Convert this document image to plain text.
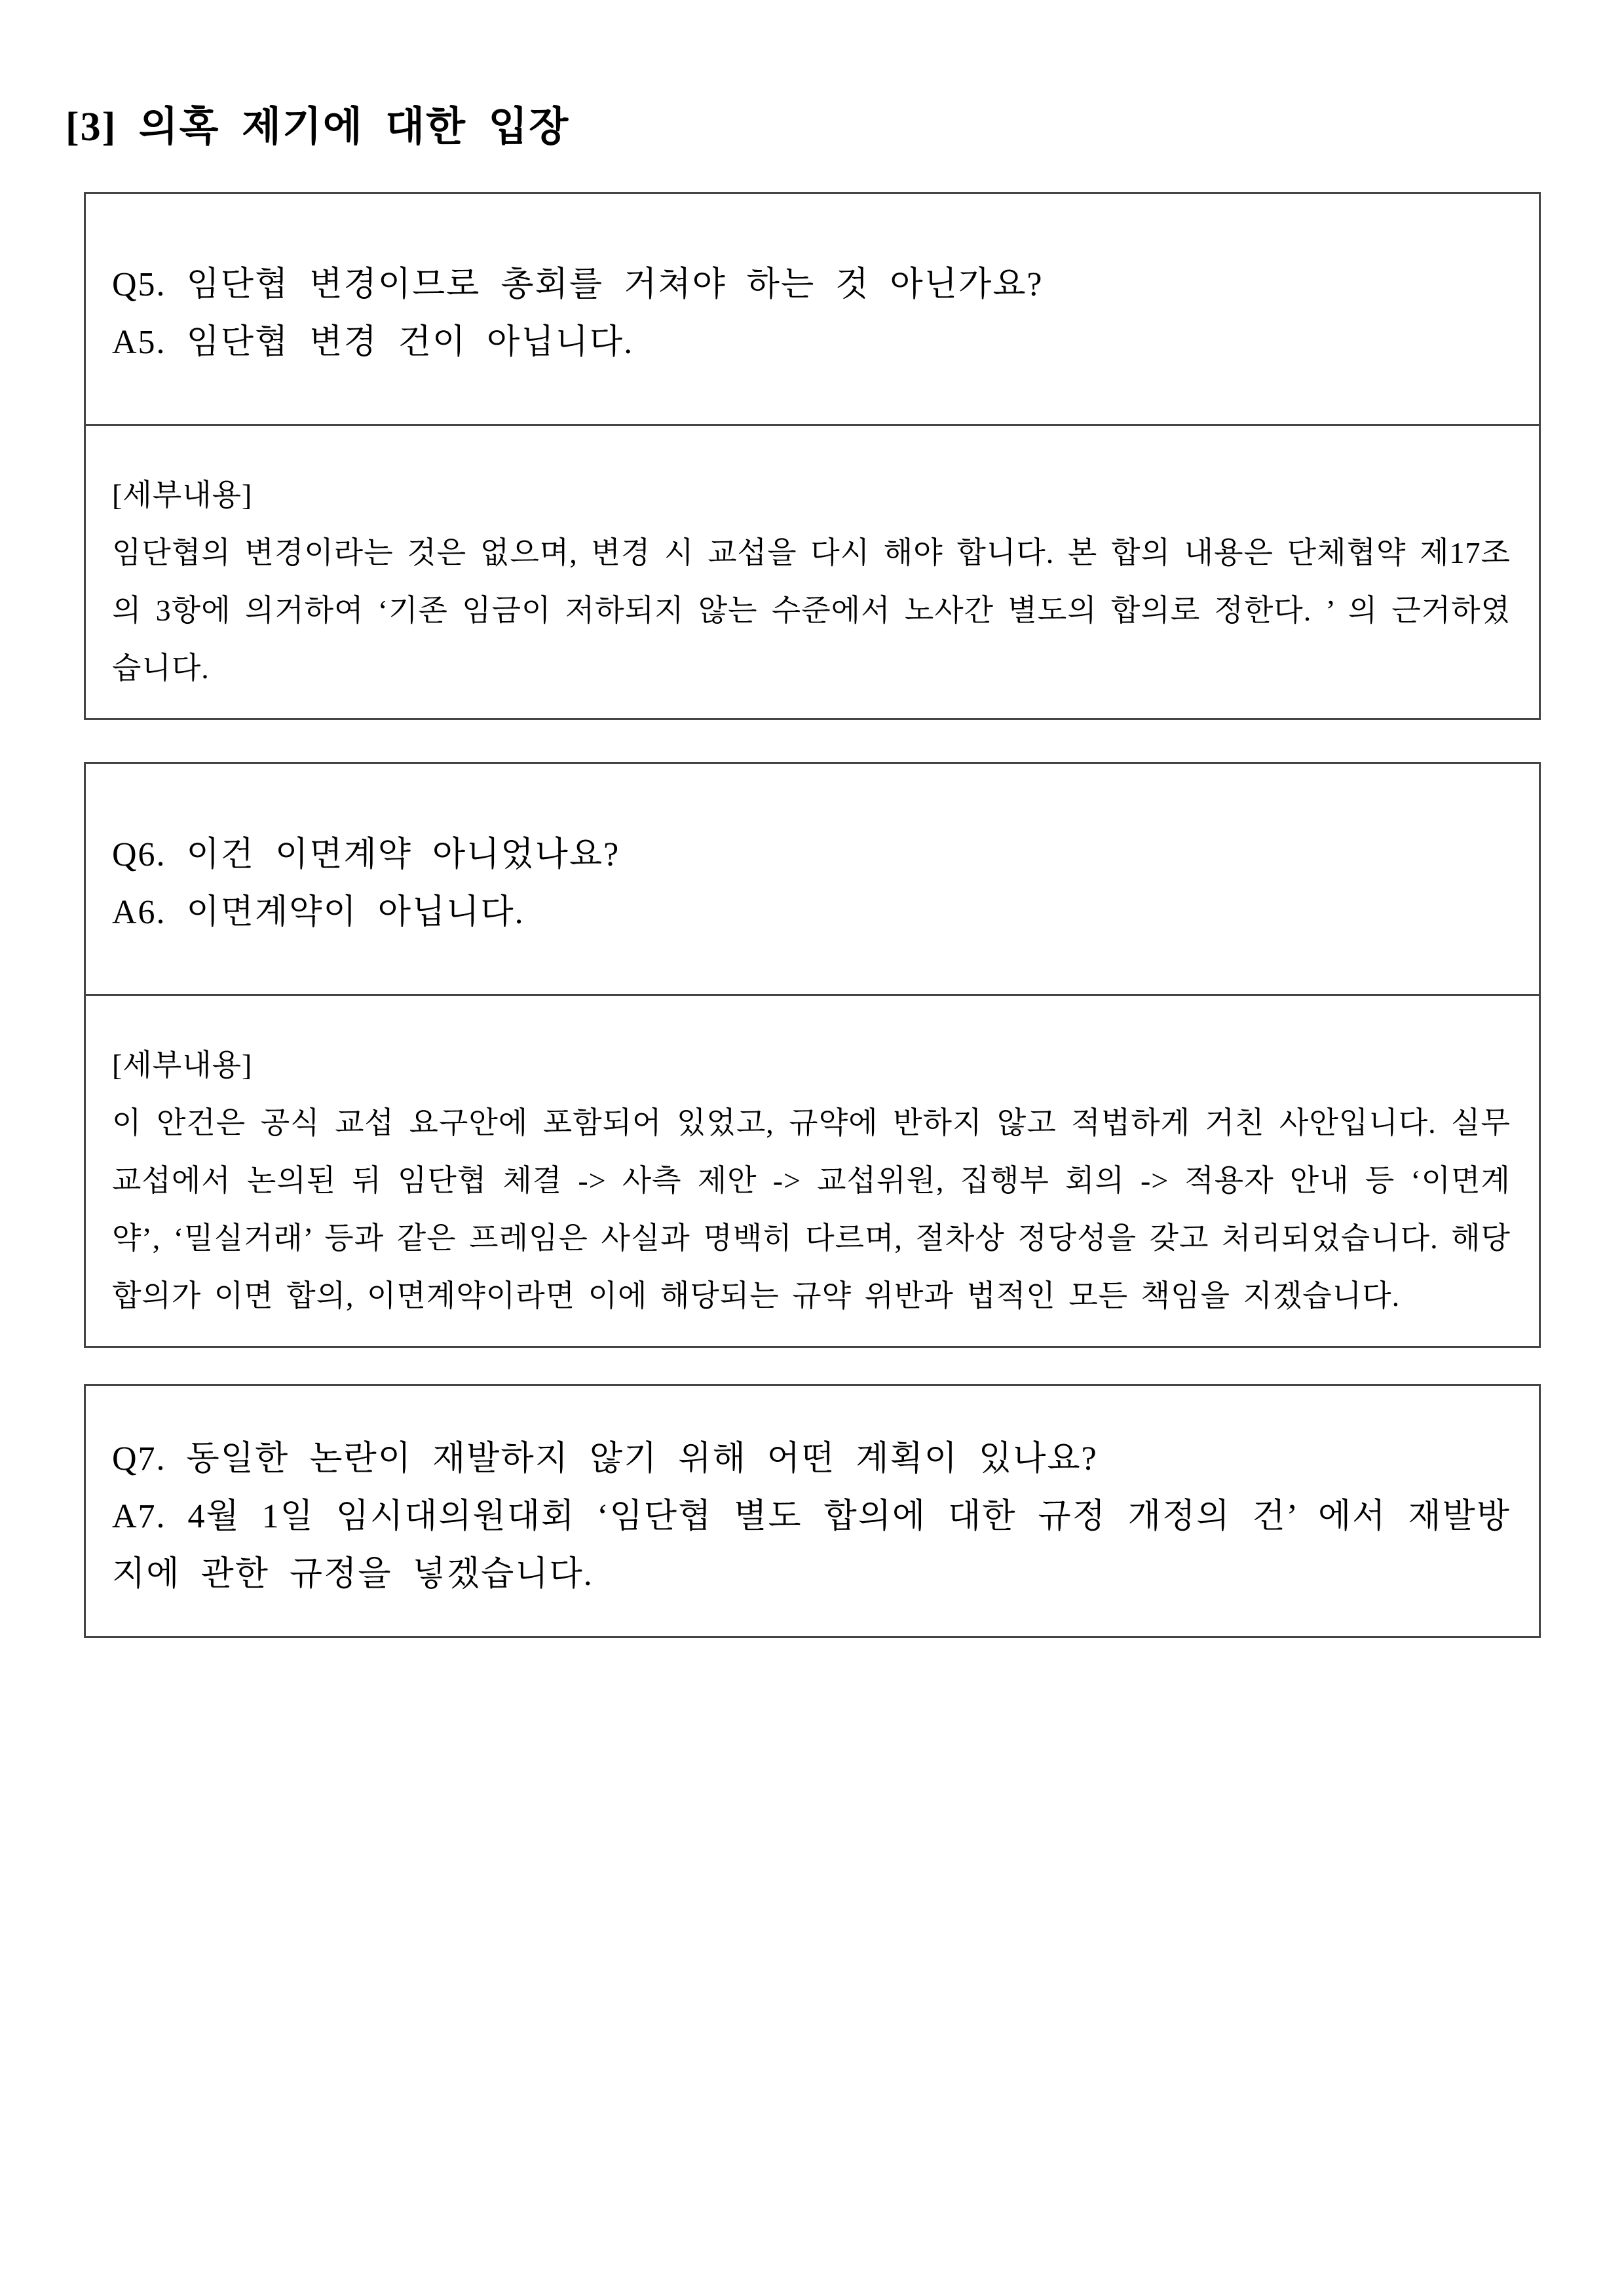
[3] 의혹 제기에 대한 입장

Q5. 임단협 변경이므로 총회를 거쳐야 하는 것 아닌가요?

A5. 임단협 변경 건이 아닙니다.

[세부내용]

임단협의 변경이라는 것은 없으며, 변경 시 교섭을 다시 해야 합니다. 본 합의 내용은 단체협약 제17조의 3항에 의거하여 ‘기존 임금이 저하되지 않는 수준에서 노사간 별도의 합의로 정한다. ’ 의 근거하였습니다.

Q6. 이건 이면계약 아니었나요?

A6. 이면계약이 아닙니다.

[세부내용]

이 안건은 공식 교섭 요구안에 포함되어 있었고, 규약에 반하지 않고 적법하게 거친 사안입니다. 실무교섭에서 논의된 뒤 임단협 체결 -> 사측 제안 -> 교섭위원, 집행부 회의 -> 적용자 안내 등 ‘이면계약’, ‘밀실거래’ 등과 같은 프레임은 사실과 명백히 다르며, 절차상 정당성을 갖고 처리되었습니다. 해당 합의가 이면 합의, 이면계약이라면 이에 해당되는 규약 위반과 법적인 모든 책임을 지겠습니다.

Q7. 동일한 논란이 재발하지 않기 위해 어떤 계획이 있나요?

A7. 4월 1일 임시대의원대회 ‘임단협 별도 합의에 대한 규정 개정의 건’ 에서 재발방지에 관한 규정을 넣겠습니다.
